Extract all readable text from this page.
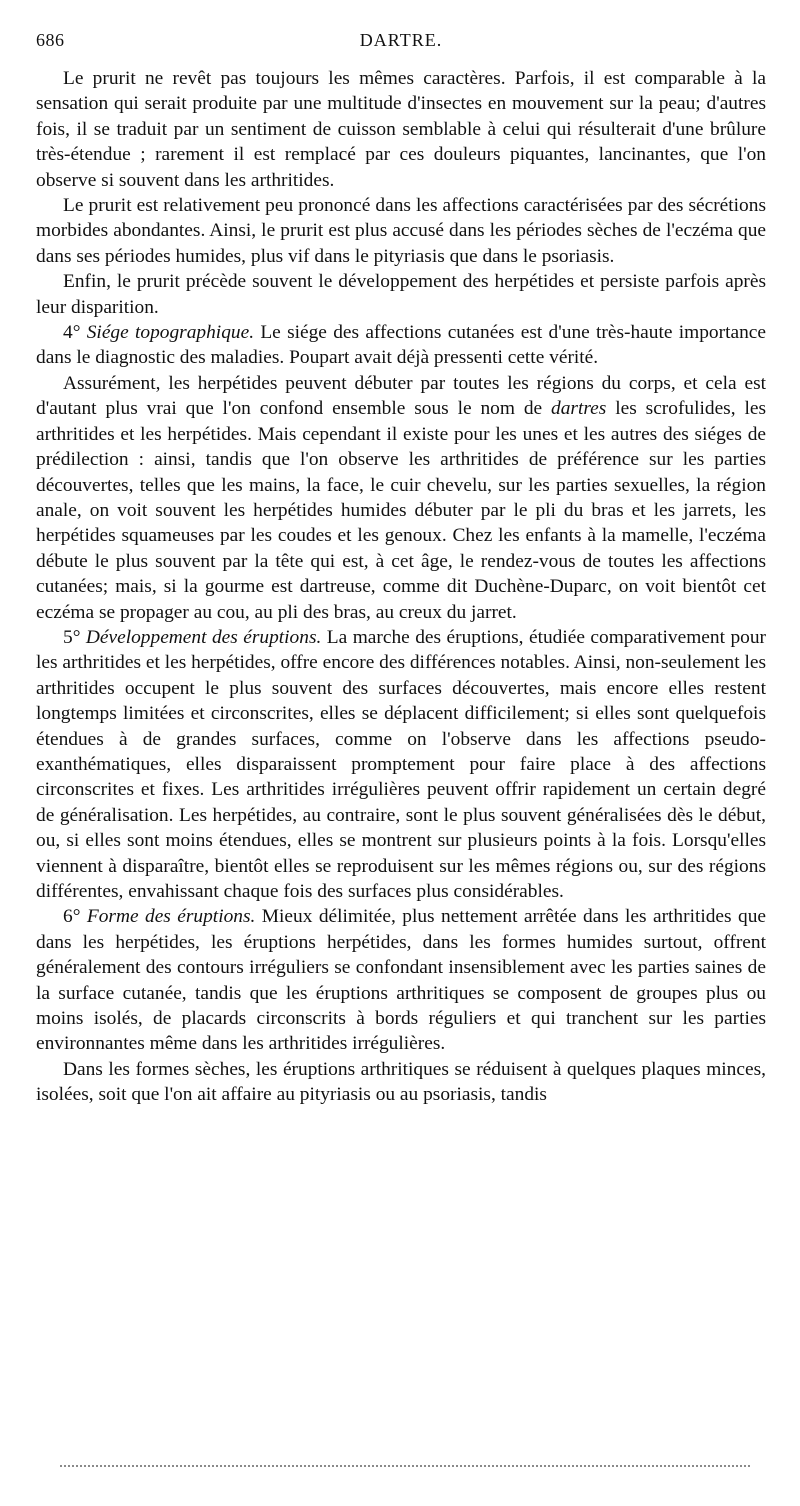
686	DARTRE.

Le prurit ne revêt pas toujours les mêmes caractères. Parfois, il est comparable à la sensation qui serait produite par une multitude d'insectes en mouvement sur la peau; d'autres fois, il se traduit par un sentiment de cuisson semblable à celui qui résulterait d'une brûlure très-étendue ; rarement il est remplacé par ces douleurs piquantes, lancinantes, que l'on observe si souvent dans les arthritides.

Le prurit est relativement peu prononcé dans les affections caractérisées par des sécrétions morbides abondantes. Ainsi, le prurit est plus accusé dans les périodes sèches de l'eczéma que dans ses périodes humides, plus vif dans le pityriasis que dans le psoriasis.

Enfin, le prurit précède souvent le développement des herpétides et persiste parfois après leur disparition.

4° Siége topographique. Le siége des affections cutanées est d'une très-haute importance dans le diagnostic des maladies. Poupart avait déjà pressenti cette vérité.

Assurément, les herpétides peuvent débuter par toutes les régions du corps, et cela est d'autant plus vrai que l'on confond ensemble sous le nom de dartres les scrofulides, les arthritides et les herpétides. Mais cependant il existe pour les unes et les autres des siéges de prédilection : ainsi, tandis que l'on observe les arthritides de préférence sur les parties découvertes, telles que les mains, la face, le cuir chevelu, sur les parties sexuelles, la région anale, on voit souvent les herpétides humides débuter par le pli du bras et les jarrets, les herpétides squameuses par les coudes et les genoux. Chez les enfants à la mamelle, l'eczéma débute le plus souvent par la tête qui est, à cet âge, le rendez-vous de toutes les affections cutanées; mais, si la gourme est dartreuse, comme dit Duchène-Duparc, on voit bientôt cet eczéma se propager au cou, au pli des bras, au creux du jarret.

5° Développement des éruptions. La marche des éruptions, étudiée comparativement pour les arthritides et les herpétides, offre encore des différences notables. Ainsi, non-seulement les arthritides occupent le plus souvent des surfaces découvertes, mais encore elles restent longtemps limitées et circonscrites, elles se déplacent difficilement; si elles sont quelquefois étendues à de grandes surfaces, comme on l'observe dans les affections pseudo-exanthématiques, elles disparaissent promptement pour faire place à des affections circonscrites et fixes. Les arthritides irrégulières peuvent offrir rapidement un certain degré de généralisation. Les herpétides, au contraire, sont le plus souvent généralisées dès le début, ou, si elles sont moins étendues, elles se montrent sur plusieurs points à la fois. Lorsqu'elles viennent à disparaître, bientôt elles se reproduisent sur les mêmes régions ou, sur des régions différentes, envahissant chaque fois des surfaces plus considérables.

6° Forme des éruptions. Mieux délimitée, plus nettement arrêtée dans les arthritides que dans les herpétides, les éruptions herpétides, dans les formes humides surtout, offrent généralement des contours irréguliers se confondant insensiblement avec les parties saines de la surface cutanée, tandis que les éruptions arthritiques se composent de groupes plus ou moins isolés, de placards circonscrits à bords réguliers et qui tranchent sur les parties environnantes même dans les arthritides irrégulières.

Dans les formes sèches, les éruptions arthritiques se réduisent à quelques plaques minces, isolées, soit que l'on ait affaire au pityriasis ou au psoriasis, tandis
